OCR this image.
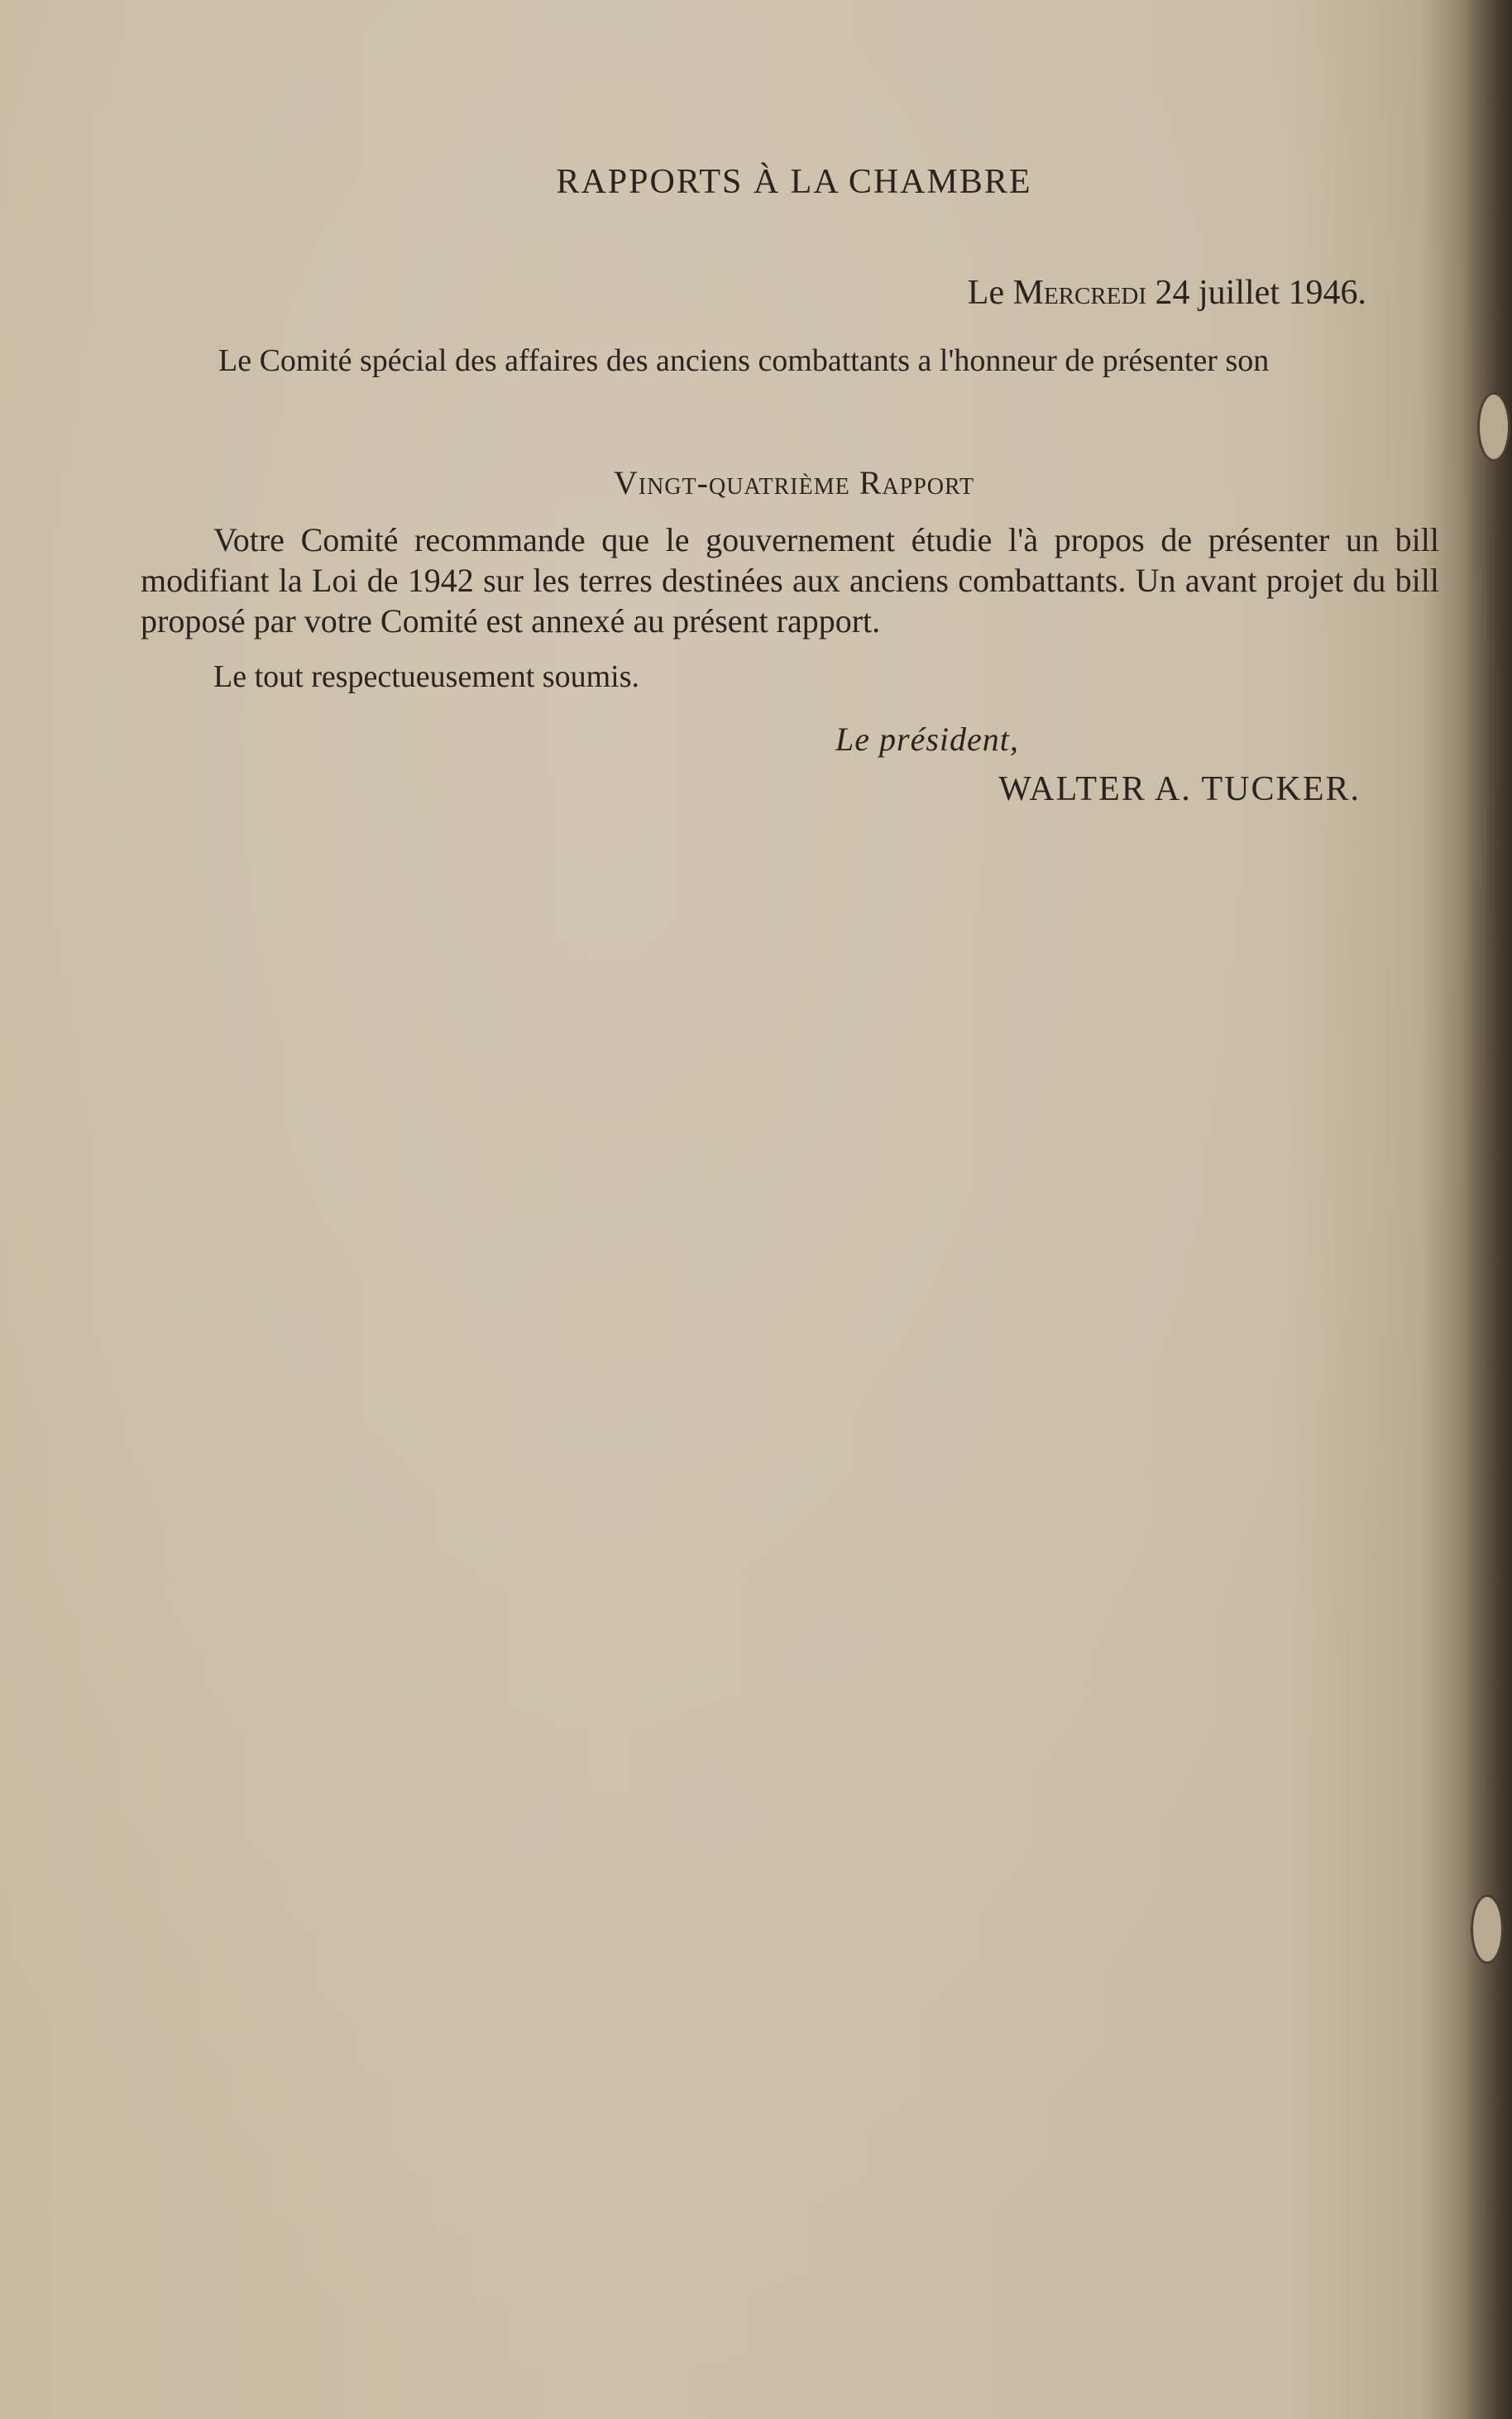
RAPPORTS À LA CHAMBRE
Le Mercredi 24 juillet 1946.
Le Comité spécial des affaires des anciens combattants a l'honneur de présenter son
Vingt-quatrième Rapport
Votre Comité recommande que le gouvernement étudie l'à propos de présenter un bill modifiant la Loi de 1942 sur les terres destinées aux anciens combattants. Un avant projet du bill proposé par votre Comité est annexé au présent rapport.
Le tout respectueusement soumis.
Le président,
WALTER A. TUCKER.
